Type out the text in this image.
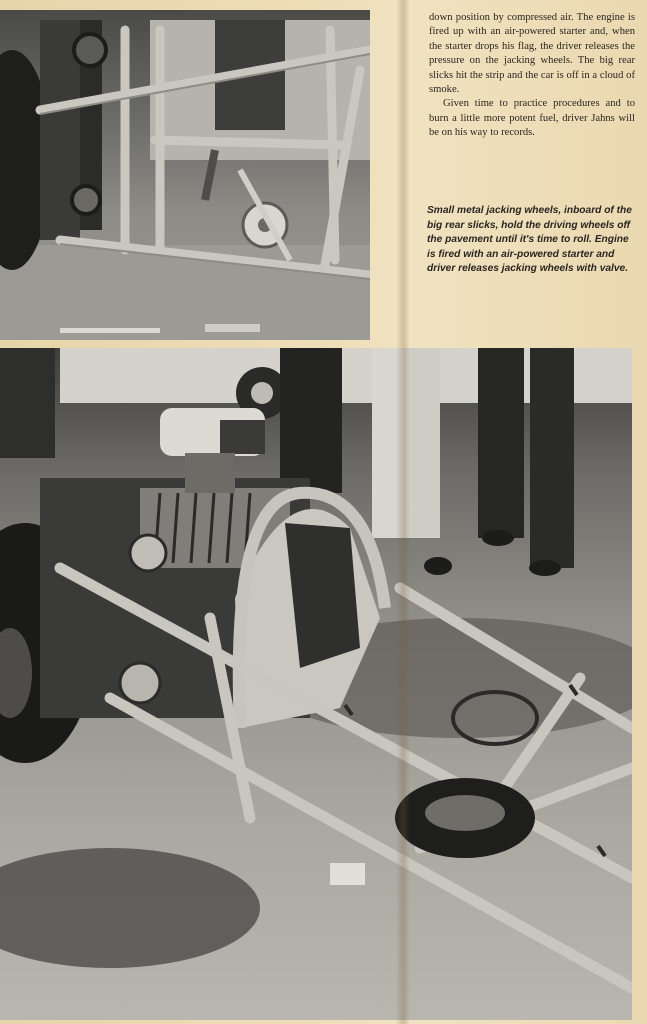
down position by compressed air. The engine is fired up with an air-powered starter and, when the starter drops his flag, the driver releases the pressure on the jacking wheels. The big rear slicks hit the strip and the car is off in a cloud of smoke.

Given time to practice procedures and to burn a little more potent fuel, driver Jahns will be on his way to records.

Small metal jacking wheels, inboard of the big rear slicks, hold the driving wheels off the pavement until it's time to roll. Engine is fired with an air-powered starter and driver releases jacking wheels with valve.
